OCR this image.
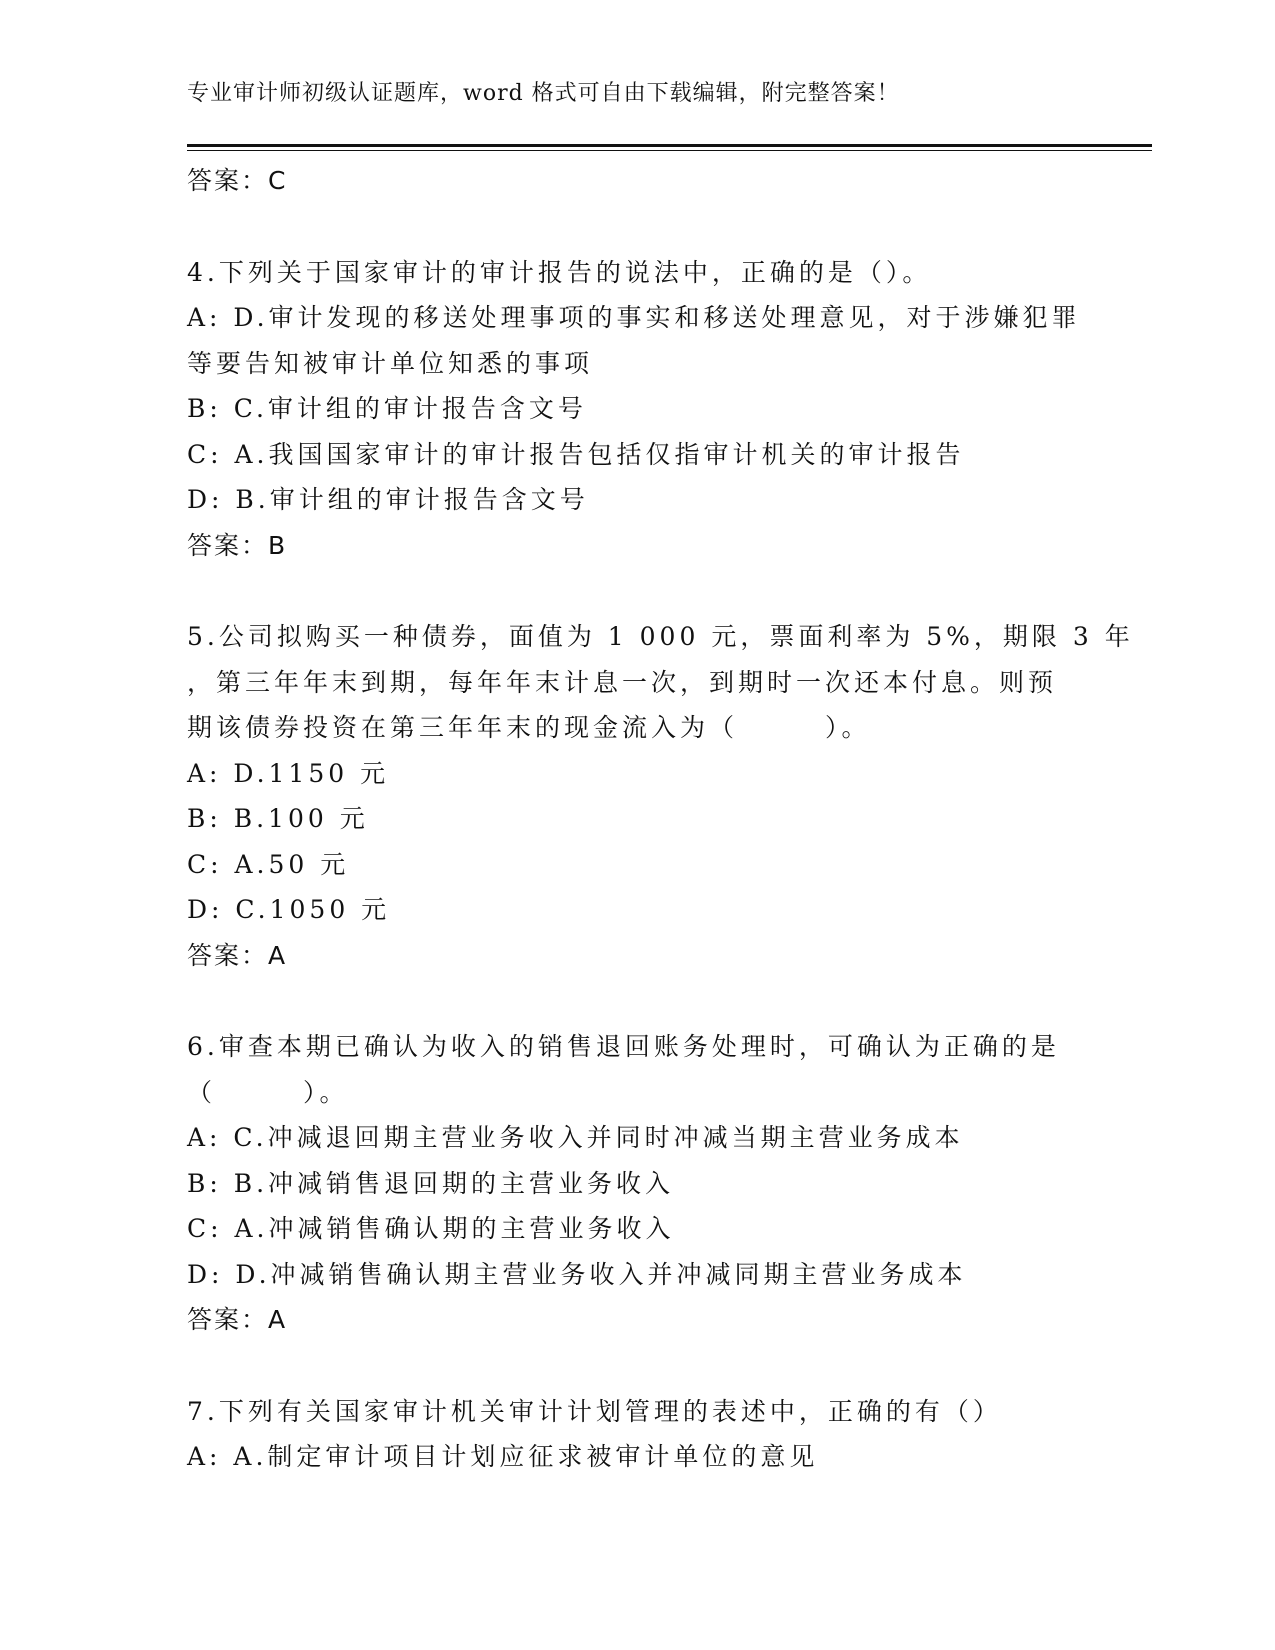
专业审计师初级认证题库，word 格式可自由下载编辑，附完整答案！
答案：C
4.下列关于国家审计的审计报告的说法中，正确的是（）。
A: D.审计发现的移送处理事项的事实和移送处理意见，对于涉嫌犯罪
等要告知被审计单位知悉的事项
B: C.审计组的审计报告含文号
C: A.我国国家审计的审计报告包括仅指审计机关的审计报告
D: B.审计组的审计报告含文号
答案：B
5.公司拟购买一种债券，面值为 1 000 元，票面利率为 5%，期限 3 年
，第三年年末到期，每年年末计息一次，到期时一次还本付息。则预
期该债券投资在第三年年末的现金流入为（　　　）。
A: D.1150 元
B: B.100 元
C: A.50 元
D: C.1050 元
答案：A
6.审查本期已确认为收入的销售退回账务处理时，可确认为正确的是
（　　　）。
A: C.冲减退回期主营业务收入并同时冲减当期主营业务成本
B: B.冲减销售退回期的主营业务收入
C: A.冲减销售确认期的主营业务收入
D: D.冲减销售确认期主营业务收入并冲减同期主营业务成本
答案：A
7.下列有关国家审计机关审计计划管理的表述中，正确的有（）
A: A.制定审计项目计划应征求被审计单位的意见
